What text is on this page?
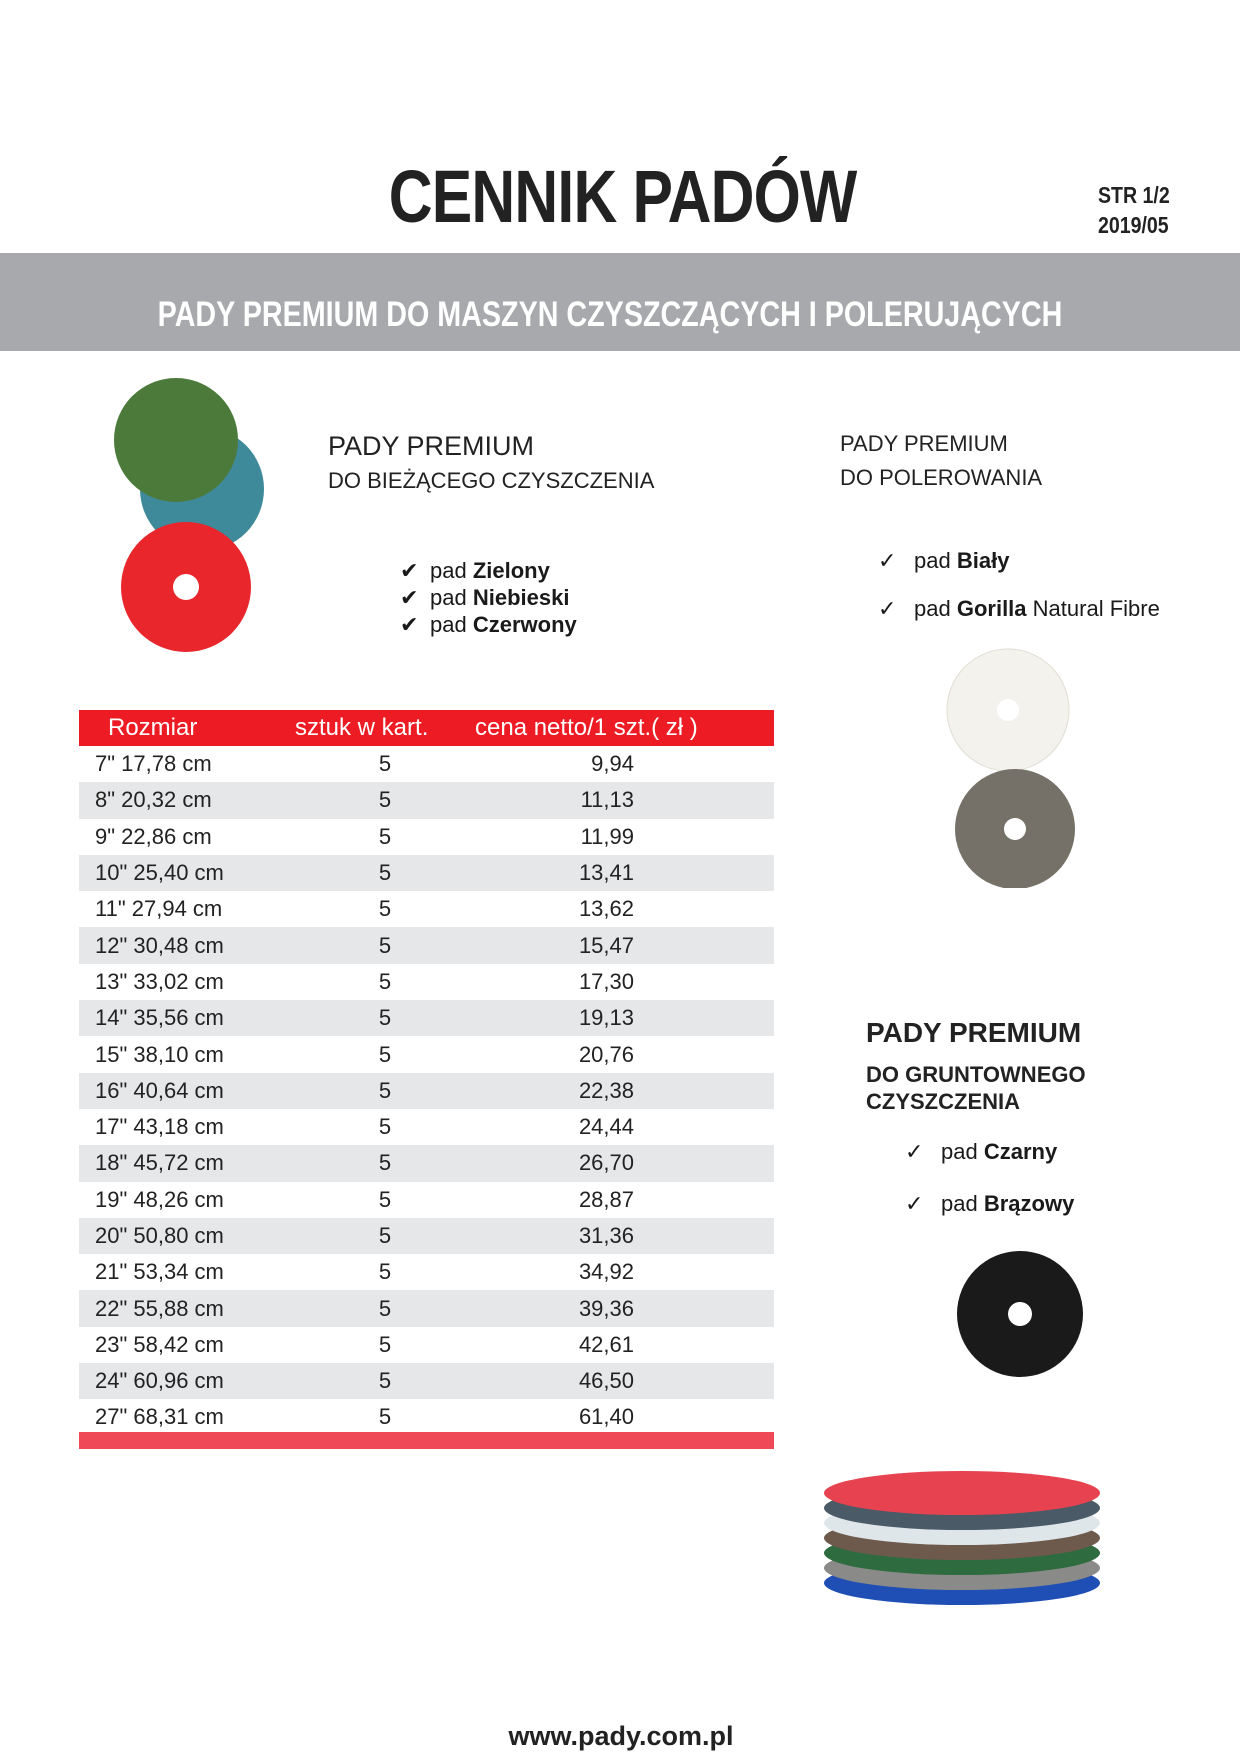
CENNIK PADÓW	STR 1/2
2019/05
PADY PREMIUM DO MASZYN CZYSZCZĄCYCH I POLERUJĄCYCH
PADY PREMIUM
DO BIEŻĄCEGO CZYSZCZENIA
✔ pad
Zielony
✔ pad
Niebieski
✔ pad
Czerwony
PADY PREMIUM
DO POLEROWANIA
✓ pad
Biały
✓ pad
Gorilla
Natural Fibre
PADY PREMIUM
DO GRUNTOWNEGO
CZYSZCZENIA
✓ pad
Czarny
✓ pad
Brązowy
Rozmiar	sztuk w kart.	cena netto/1 szt.( zł )
7" 17,78 cm	5	9,94
8" 20,32 cm	5	11,13
9" 22,86 cm	5	11,99
10" 25,40 cm	5	13,41
11" 27,94 cm	5	13,62
12" 30,48 cm	5	15,47
13" 33,02 cm	5	17,30
14" 35,56 cm	5	19,13
15" 38,10 cm	5	20,76
16" 40,64 cm	5	22,38
17" 43,18 cm	5	24,44
18" 45,72 cm	5	26,70
19" 48,26 cm	5	28,87
20" 50,80 cm	5	31,36
21" 53,34 cm	5	34,92
22" 55,88 cm	5	39,36
23" 58,42 cm	5	42,61
24" 60,96 cm	5	46,50
27" 68,31 cm	5	61,40
www.pady.com.pl
